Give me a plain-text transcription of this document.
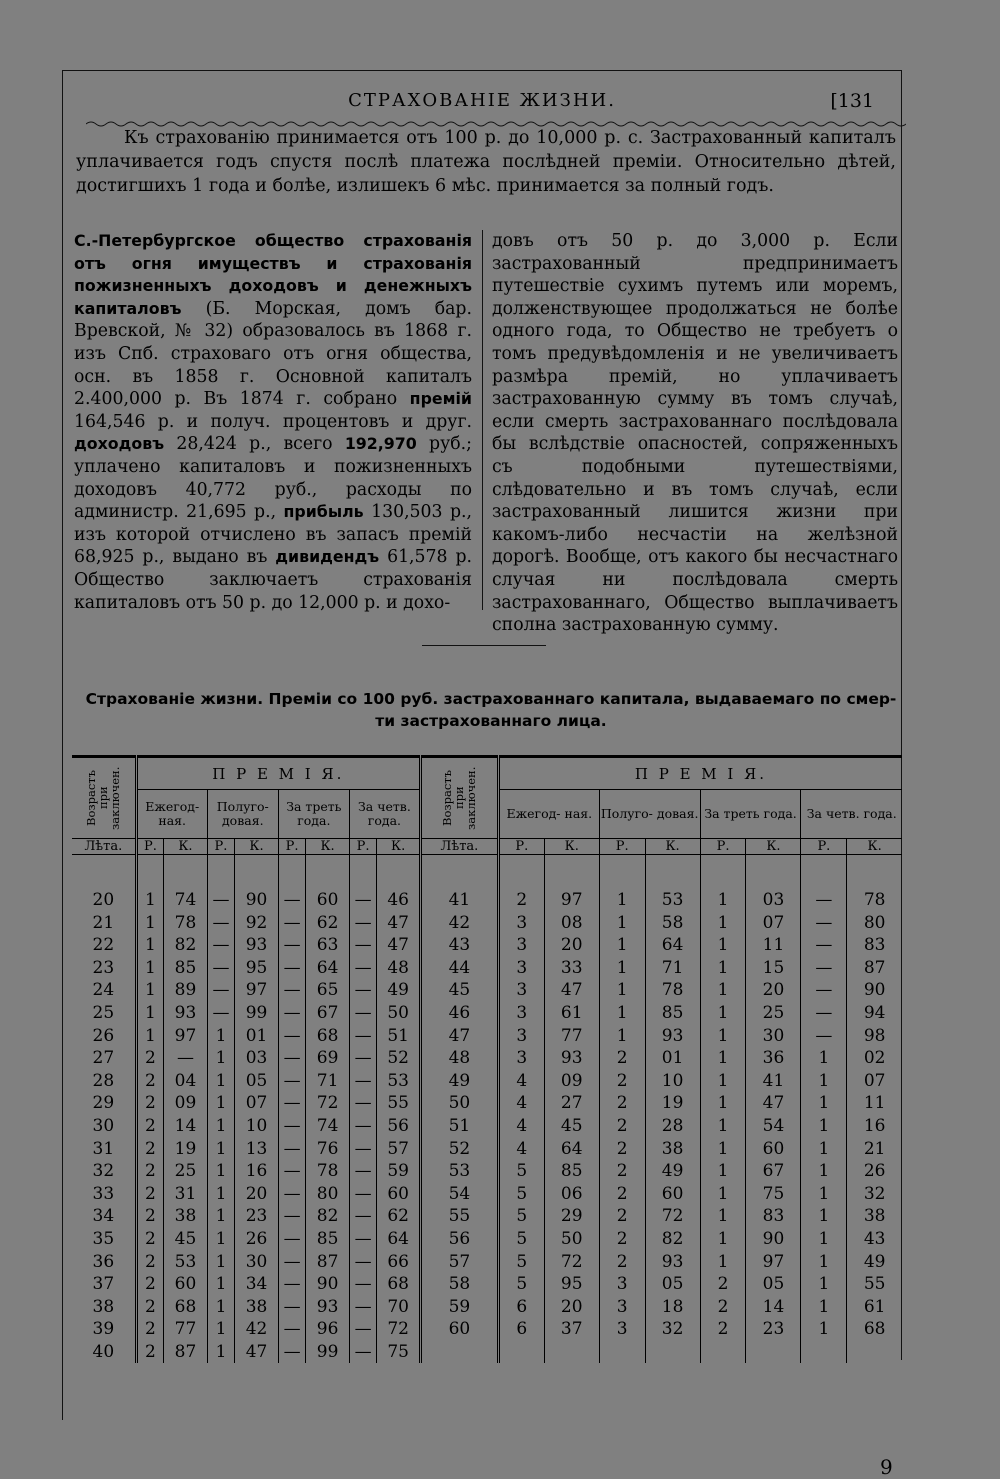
СТРАХОВАНІЕ ЖИЗНИ.	[131
Къ страхованію принимается отъ 100 р. до 10,000 р. с. Застрахованный капиталъ уплачивается годъ спустя послѣ платежа послѣдней преміи. Относительно дѣтей, достигшихъ 1 года и болѣе, излишекъ 6 мѣс. принимается за полный годъ.
С.-Петербургское общество страхованія отъ огня имуществъ и страхованія пожизненныхъ доходовъ и денежныхъ капиталовъ (Б. Морская, домъ бар. Вревской, № 32) образовалось въ 1868 г. изъ Спб. страховаго отъ огня общества, осн. въ 1858 г. Основной капиталъ 2.400,000 р. Въ 1874 г. собрано премій 164,546 р. и получ. процентовъ и друг. доходовъ 28,424 р., всего 192,970 руб.; уплачено капиталовъ и пожизненныхъ доходовъ 40,772 руб., расходы по администр. 21,695 р., прибыль 130,503 р., изъ которой отчислено въ запасъ премій 68,925 р., выдано въ дивидендъ 61,578 р. Общество заключаетъ страхованія капиталовъ отъ 50 р. до 12,000 р. и дохо-
довъ отъ 50 р. до 3,000 р. Если застрахованный предпринимаетъ путешествіе сухимъ путемъ или моремъ, долженствующее продолжаться не болѣе одного года, то Общество не требуетъ о томъ предувѣдомленія и не увеличиваетъ размѣра премій, но уплачиваетъ застрахованную сумму въ томъ случаѣ, если смерть застрахованнаго послѣдовала бы вслѣдствіе опасностей, сопряженныхъ съ подобными путешествіями, слѣдовательно и въ томъ случаѣ, если застрахованный лишится жизни при какомъ-либо несчастіи на желѣзной дорогѣ. Вообще, отъ какого бы несчастнаго случая ни послѣдовала смерть застрахованнаго, Общество выплачиваетъ сполна застрахованную сумму.
Страхованіе жизни. Преміи со 100 руб. застрахованнаго капитала, выдаваемаго по смер-
ти застрахованнаго лица.
Возрастъ при заключен.	П Р Е М І Я.								Возрастъ при заключен.	П Р Е М І Я.							
	Ежегод- ная.		Полуго- довая.		За треть года.		За четв. года.			Ежегод- ная.		Полуго- довая.		За треть года.		За четв. года.	
Лѣта.	Р.	К.	Р.	К.	Р.	К.	Р.	К.	Лѣта.	Р.	К.	Р.	К.	Р.	К.	Р.	К.

20	1	74	—	90	—	60	—	46	41	2	97	1	53	1	03	—	78
21	1	78	—	92	—	62	—	47	42	3	08	1	58	1	07	—	80
22	1	82	—	93	—	63	—	47	43	3	20	1	64	1	11	—	83
23	1	85	—	95	—	64	—	48	44	3	33	1	71	1	15	—	87
24	1	89	—	97	—	65	—	49	45	3	47	1	78	1	20	—	90
25	1	93	—	99	—	67	—	50	46	3	61	1	85	1	25	—	94
26	1	97	1	01	—	68	—	51	47	3	77	1	93	1	30	—	98
27	2	—	1	03	—	69	—	52	48	3	93	2	01	1	36	1	02
28	2	04	1	05	—	71	—	53	49	4	09	2	10	1	41	1	07
29	2	09	1	07	—	72	—	55	50	4	27	2	19	1	47	1	11
30	2	14	1	10	—	74	—	56	51	4	45	2	28	1	54	1	16
31	2	19	1	13	—	76	—	57	52	4	64	2	38	1	60	1	21
32	2	25	1	16	—	78	—	59	53	5	85	2	49	1	67	1	26
33	2	31	1	20	—	80	—	60	54	5	06	2	60	1	75	1	32
34	2	38	1	23	—	82	—	62	55	5	29	2	72	1	83	1	38
35	2	45	1	26	—	85	—	64	56	5	50	2	82	1	90	1	43
36	2	53	1	30	—	87	—	66	57	5	72	2	93	1	97	1	49
37	2	60	1	34	—	90	—	68	58	5	95	3	05	2	05	1	55
38	2	68	1	38	—	93	—	70	59	6	20	3	18	2	14	1	61
39	2	77	1	42	—	96	—	72	60	6	37	3	32	2	23	1	68
40	2	87	1	47	—	99	—	75									
9
